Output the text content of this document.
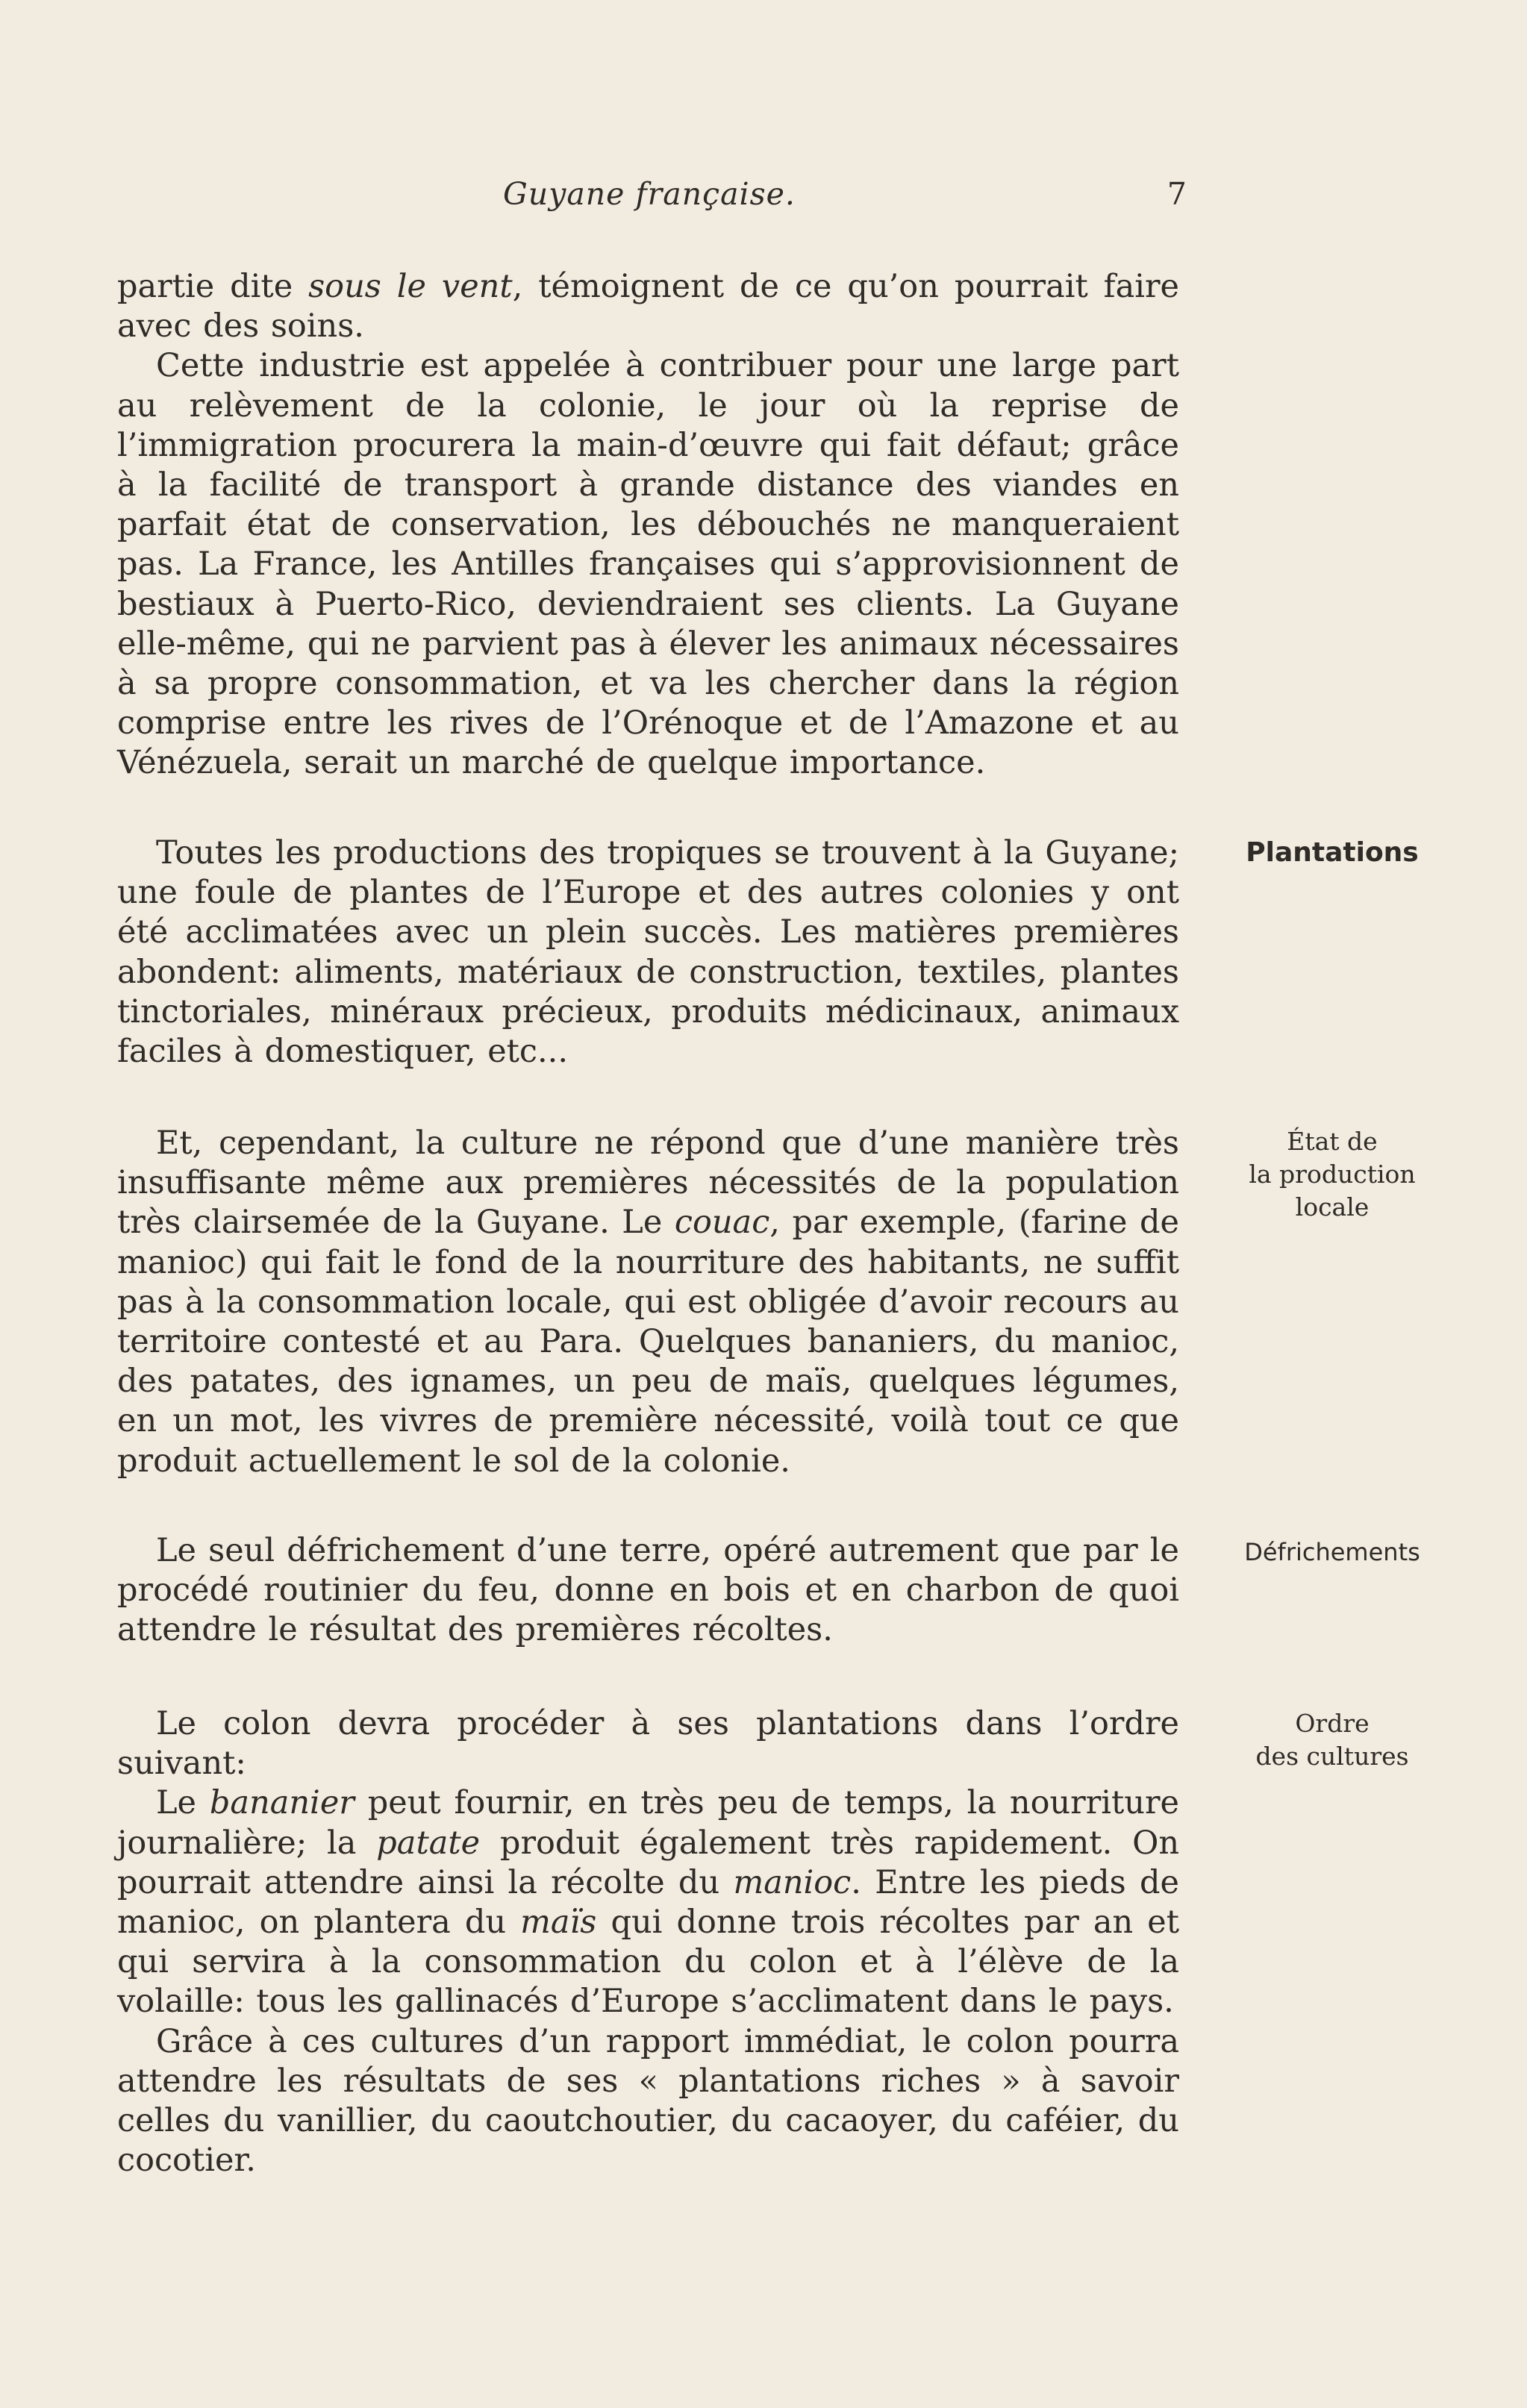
Guyane française.	7

partie dite sous le vent, témoignent de ce qu’on pourrait faire avec des soins.

Cette industrie est appelée à contribuer pour une large part au relèvement de la colonie, le jour où la reprise de l’immigration procurera la main-d’œuvre qui fait défaut; grâce à la facilité de transport à grande distance des viandes en parfait état de conservation, les débouchés ne manqueraient pas. La France, les Antilles françaises qui s’approvisionnent de bestiaux à Puerto-Rico, deviendraient ses clients. La Guyane elle-même, qui ne parvient pas à élever les animaux nécessaires à sa propre consommation, et va les chercher dans la région comprise entre les rives de l’Orénoque et de l’Amazone et au Vénézuela, serait un marché de quelque importance.

Toutes les productions des tropiques se trouvent à la Guyane; une foule de plantes de l’Europe et des autres colonies y ont été acclimatées avec un plein succès. Les matières premières abondent: aliments, matériaux de construction, textiles, plantes tinctoriales, minéraux précieux, produits médicinaux, animaux faciles à domestiquer, etc...

Plantations

Et, cependant, la culture ne répond que d’une manière très insuffisante même aux premières nécessités de la population très clairsemée de la Guyane. Le couac, par exemple, (farine de manioc) qui fait le fond de la nourriture des habitants, ne suffit pas à la consommation locale, qui est obligée d’avoir recours au territoire contesté et au Para. Quelques bananiers, du manioc, des patates, des ignames, un peu de maïs, quelques légumes, en un mot, les vivres de première nécessité, voilà tout ce que produit actuellement le sol de la colonie.

État de
la production
locale

Le seul défrichement d’une terre, opéré autrement que par le procédé routinier du feu, donne en bois et en charbon de quoi attendre le résultat des premières récoltes.

Défrichements

Le colon devra procéder à ses plantations dans l’ordre suivant:

Le bananier peut fournir, en très peu de temps, la nourriture journalière; la patate produit également très rapidement. On pourrait attendre ainsi la récolte du manioc. Entre les pieds de manioc, on plantera du maïs qui donne trois récoltes par an et qui servira à la consommation du colon et à l’élève de la volaille: tous les gallinacés d’Europe s’acclimatent dans le pays.

Grâce à ces cultures d’un rapport immédiat, le colon pourra attendre les résultats de ses « plantations riches » à savoir celles du vanillier, du caoutchoutier, du cacaoyer, du caféier, du cocotier.

Ordre
des cultures
